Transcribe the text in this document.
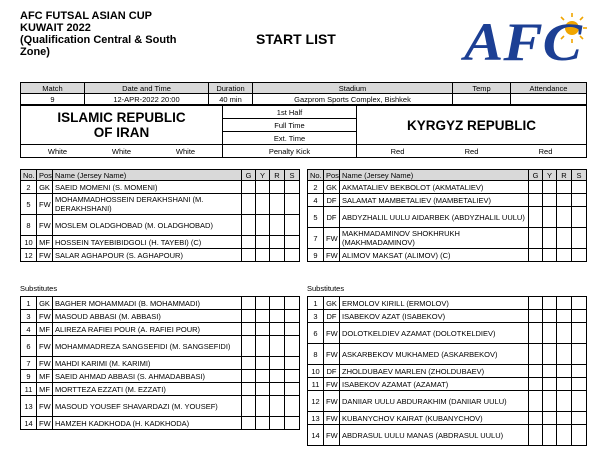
AFC FUTSAL ASIAN CUP
KUWAIT 2022
(Qualification Central & South
Zone)
START LIST AFC
Match	Date and Time	Duration	Stadium	Temp	Attendance
9	12-APR-2022 20:00	40 min	Gazprom Sports Complex, Bishkek		
ISLAMIC REPUBLIC
OF IRAN	1st Half	KYRGYZ REPUBLIC
	Full Time	
	Ext. Time	
White White White	Penalty Kick	Red Red Red
No.	Pos	Name (Jersey Name)	G	Y	R	S
2	GK	SAEID MOMENI (S. MOMENI)				
5	FW	MOHAMMADHOSSEIN DERAKHSHANI (M. DERAKHSHANI)				
8	FW	MOSLEM OLADGHOBAD (M. OLADGHOBAD)				
10	MF	HOSSEIN TAYEBIBIDGOLI (H. TAYEBI) (C)				
12	FW	SALAR AGHAPOUR (S. AGHAPOUR)				
No.	Pos	Name (Jersey Name)	G	Y	R	S
2	GK	AKMATALIEV BEKBOLOT (AKMATALIEV)				
4	DF	SALAMAT MAMBETALIEV (MAMBETALIEV)				
5	DF	ABDYZHALIL UULU AIDARBEK (ABDYZHALIL UULU)				
7	FW	MAKHMADAMINOV SHOKHRUKH (MAKHMADAMINOV)				
9	FW	ALIMOV MAKSAT (ALIMOV) (C)				
Substitutes	Substitutes
1	GK	BAGHER MOHAMMADI (B. MOHAMMADI)				
3	FW	MASOUD ABBASI (M. ABBASI)				
4	MF	ALIREZA RAFIEI POUR (A. RAFIEI POUR)				
6	FW	MOHAMMADREZA SANGSEFIDI (M. SANGSEFIDI)				
7	FW	MAHDI KARIMI (M. KARIMI)				
9	MF	SAEID AHMAD ABBASI (S. AHMADABBASI)				
11	MF	MORTTEZA EZZATI (M. EZZATI)				
13	FW	MASOUD YOUSEF SHAVARDAZI (M. YOUSEF)				
14	FW	HAMZEH KADKHODA (H. KADKHODA)				
1	GK	ERMOLOV KIRILL (ERMOLOV)				
3	DF	ISABEKOV AZAT (ISABEKOV)				
6	FW	DOLOTKELDIEV AZAMAT (DOLOTKELDIEV)				
8	FW	ASKARBEKOV MUKHAMED (ASKARBEKOV)				
10	DF	ZHOLDUBAEV MARLEN (ZHOLDUBAEV)				
11	FW	ISABEKOV AZAMAT (AZAMAT)				
12	FW	DANIIAR UULU ABDURAKHIM (DANIIAR UULU)				
13	FW	KUBANYCHOV KAIRAT (KUBANYCHOV)				
14	FW	ABDRASUL UULU MANAS (ABDRASUL UULU)				
